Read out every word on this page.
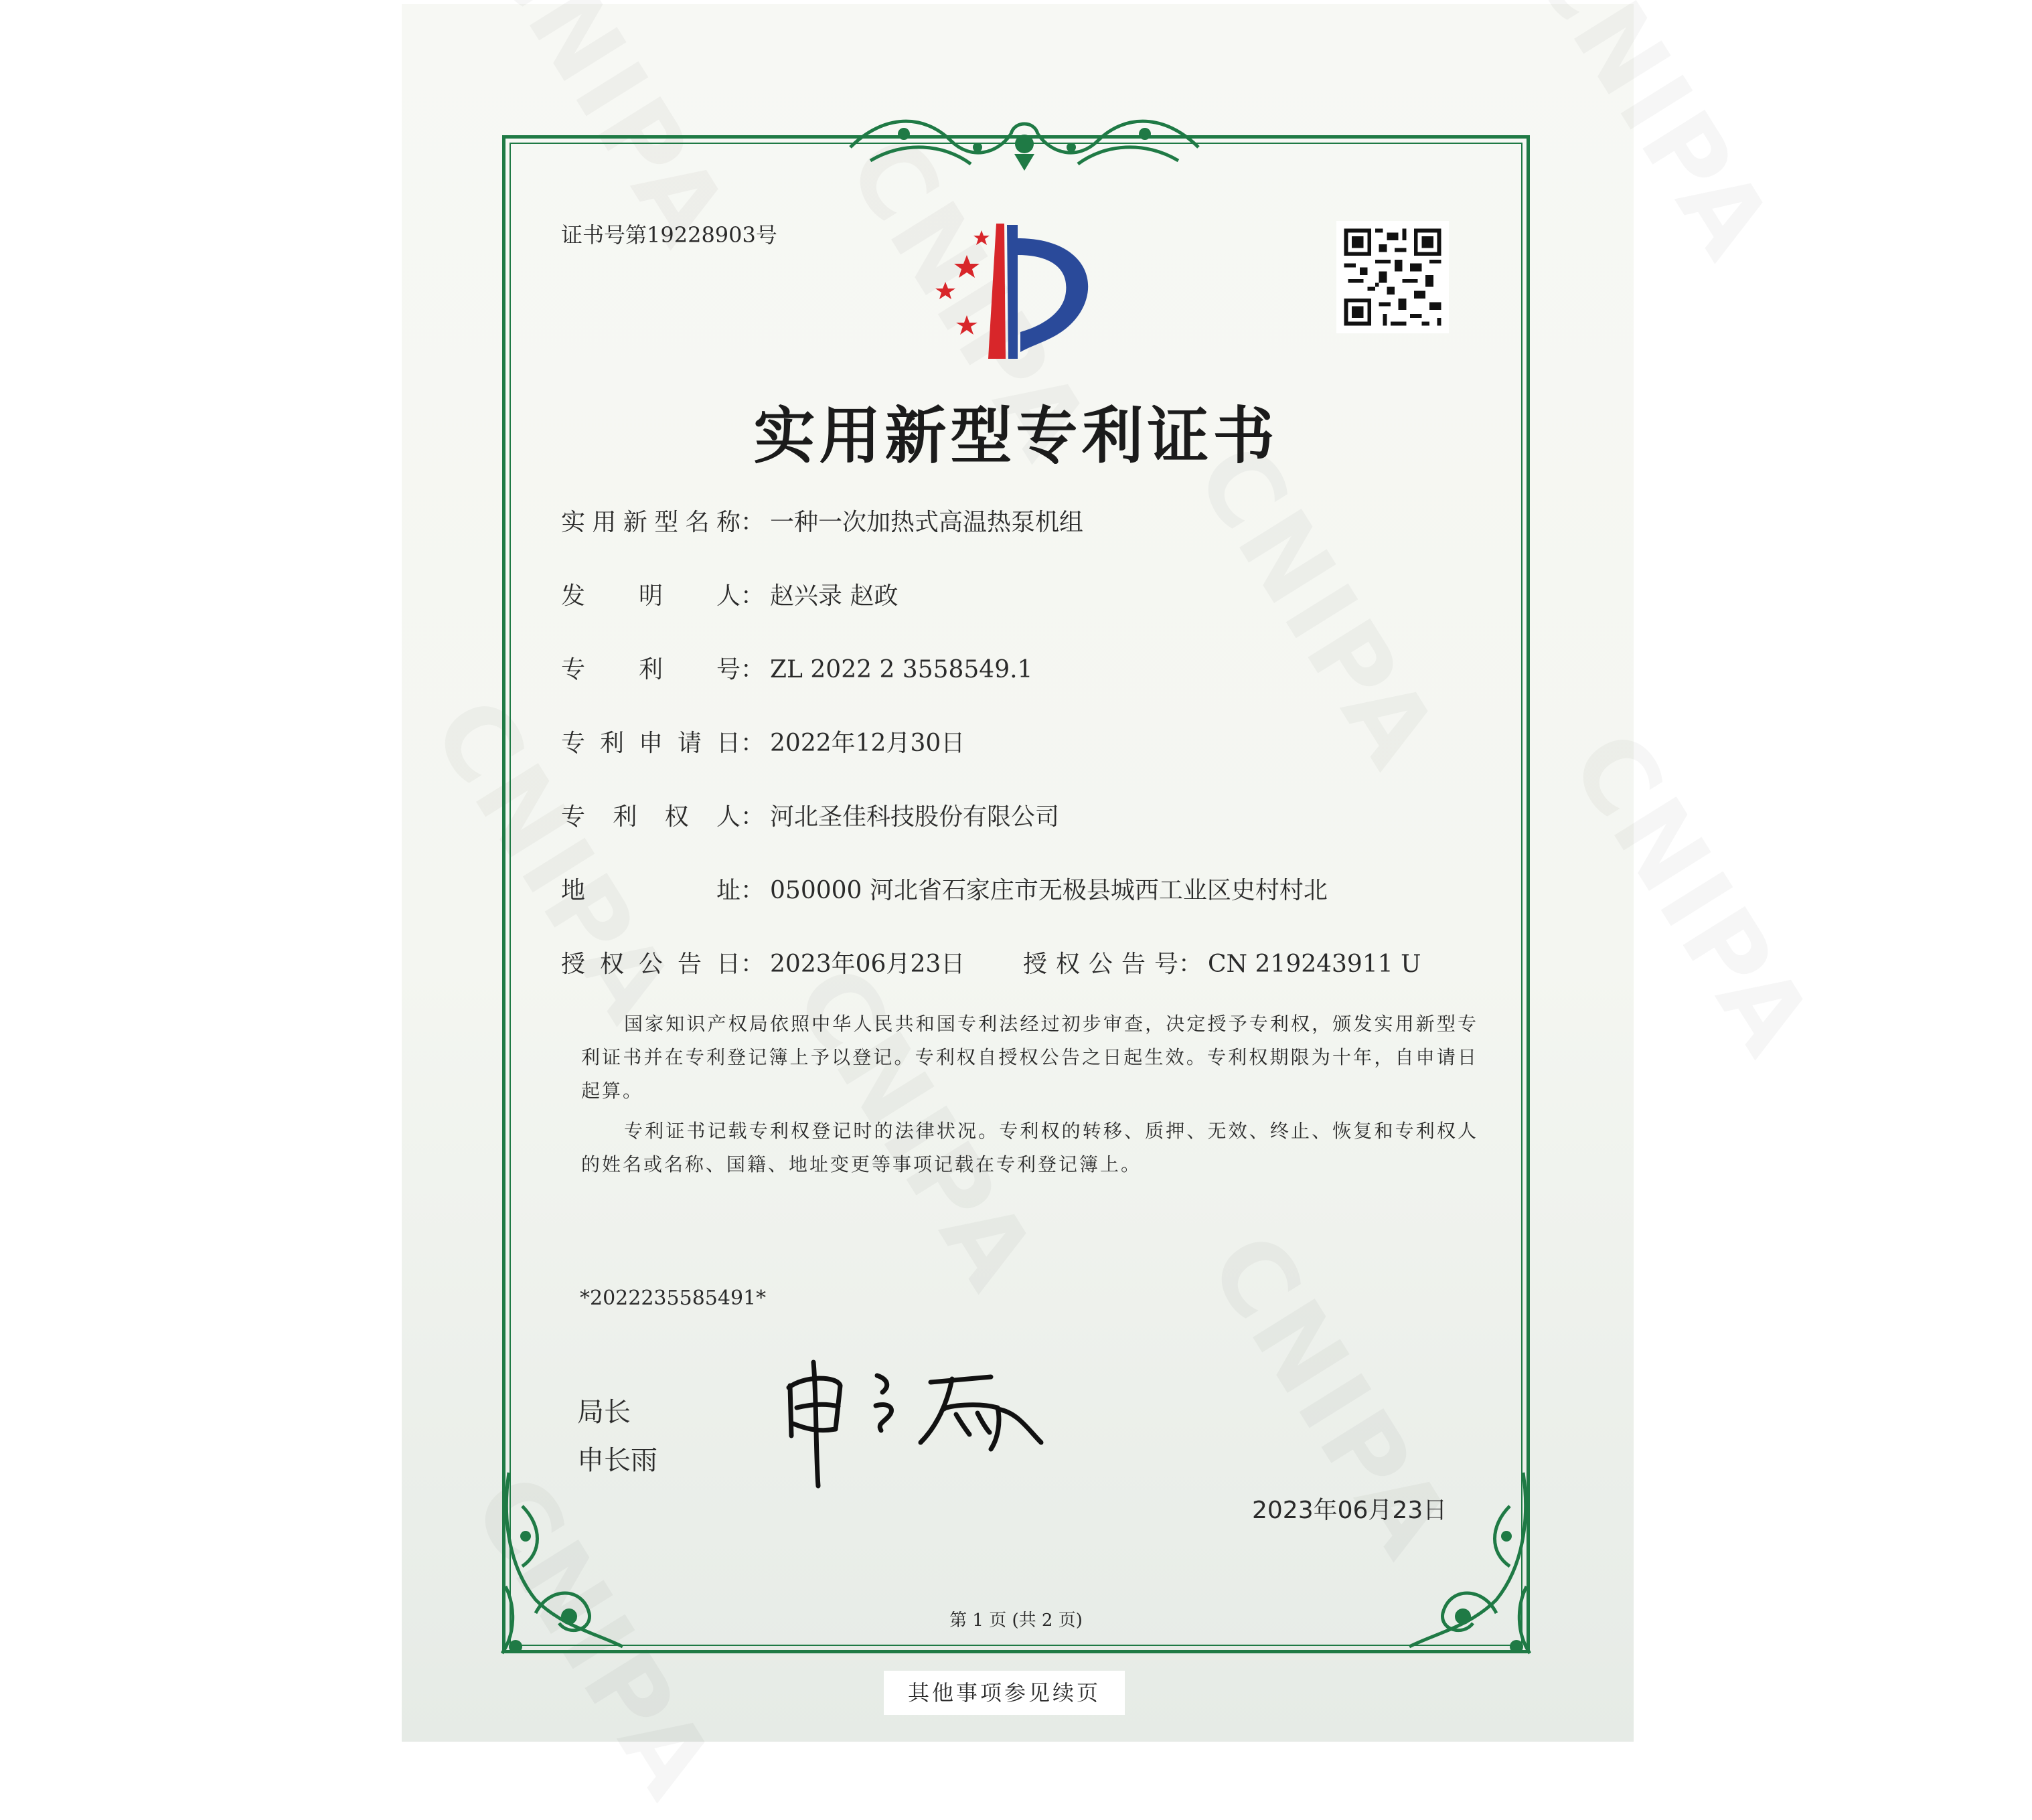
证书号第19228903号
实用新型专利证书
实用新型名称： 一种一次加热式高温热泵机组
发明人： 赵兴录 赵政
专利号： ZL 2022 2 3558549.1
专利申请日： 2022年12月30日
专利权人： 河北圣佳科技股份有限公司
地址： 050000 河北省石家庄市无极县城西工业区史村村北
授权公告日： 2023年06月23日 授权公告号： CN 219243911 U
国家知识产权局依照中华人民共和国专利法经过初步审查，决定授予专利权，颁发实用新型专利证书并在专利登记簿上予以登记。专利权自授权公告之日起生效。专利权期限为十年，自申请日起算。
专利证书记载专利权登记时的法律状况。专利权的转移、质押、无效、终止、恢复和专利权人的姓名或名称、国籍、地址变更等事项记载在专利登记簿上。
*2022235585491*
局长
申长雨
2023年06月23日
第 1 页 (共 2 页)
其他事项参见续页
